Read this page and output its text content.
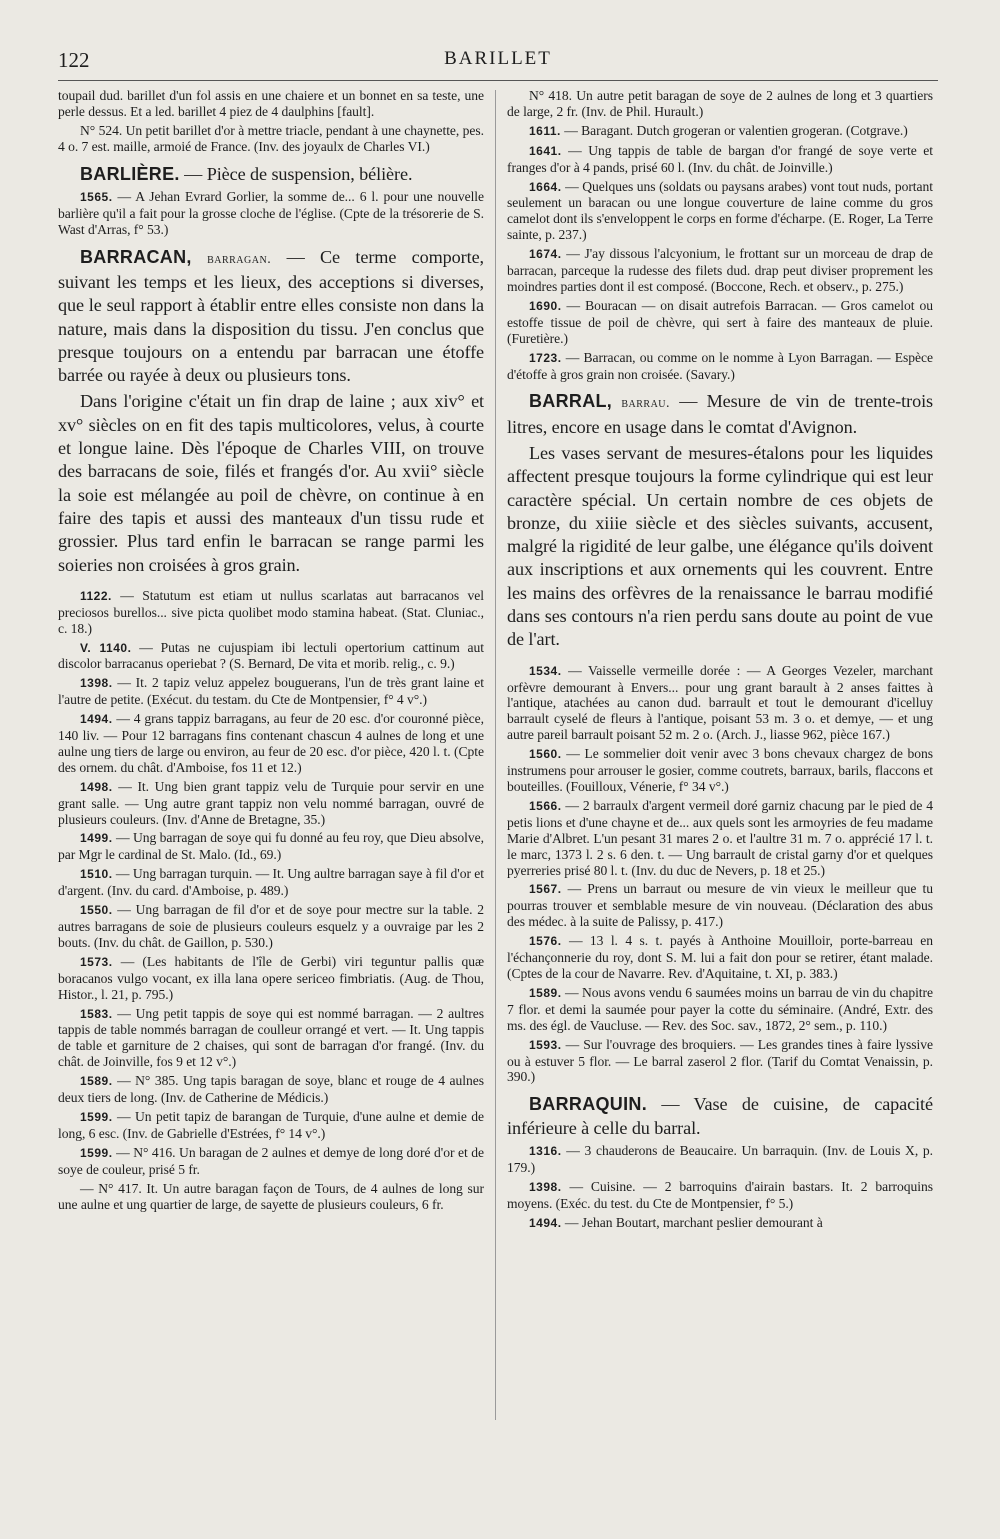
122	BARILLET

toupail dud. barillet d'un fol assis en une chaiere et un bonnet en sa teste, une perle dessus. Et a led. barillet 4 piez de 4 daulphins [fault].

N° 524. Un petit barillet d'or à mettre triacle, pendant à une chaynette, pes. 4 o. 7 est. maille, armoié de France. (Inv. des joyaulx de Charles VI.)

BARLIÈRE. — Pièce de suspension, bélière.

1565. — A Jehan Evrard Gorlier, la somme de... 6 l. pour une nouvelle barlière qu'il a fait pour la grosse cloche de l'église. (Cpte de la trésorerie de S. Wast d'Arras, f° 53.)

BARRACAN, barragan. — Ce terme comporte, suivant les temps et les lieux, des acceptions si diverses, que le seul rapport à établir entre elles consiste non dans la nature, mais dans la disposition du tissu. J'en conclus que presque toujours on a entendu par barracan une étoffe barrée ou rayée à deux ou plusieurs tons.

Dans l'origine c'était un fin drap de laine ; aux xiv° et xv° siècles on en fit des tapis multicolores, velus, à courte et longue laine. Dès l'époque de Charles VIII, on trouve des barracans de soie, filés et frangés d'or. Au xvii° siècle la soie est mélangée au poil de chèvre, on continue à en faire des tapis et aussi des manteaux d'un tissu rude et grossier. Plus tard enfin le barracan se range parmi les soieries non croisées à gros grain.

1122. — Statutum est etiam ut nullus scarlatas aut barracanos vel preciosos burellos... sive picta quolibet modo stamina habeat. (Stat. Cluniac., c. 18.)

V. 1140. — Putas ne cujuspiam ibi lectuli opertorium cattinum aut discolor barracanus operiebat ? (S. Bernard, De vita et morib. relig., c. 9.)

1398. — It. 2 tapiz veluz appelez bouguerans, l'un de très grant laine et l'autre de petite. (Exécut. du testam. du Cte de Montpensier, f° 4 v°.)

1494. — 4 grans tappiz barragans, au feur de 20 esc. d'or couronné pièce, 140 liv. — Pour 12 barragans fins contenant chascun 4 aulnes de long et une aulne ung tiers de large ou environ, au feur de 20 esc. d'or pièce, 420 l. t. (Cpte des ornem. du chât. d'Amboise, fos 11 et 12.)

1498. — It. Ung bien grant tappiz velu de Turquie pour servir en une grant salle. — Ung autre grant tappiz non velu nommé barragan, ouvré de plusieurs couleurs. (Inv. d'Anne de Bretagne, 35.)

1499. — Ung barragan de soye qui fu donné au feu roy, que Dieu absolve, par Mgr le cardinal de St. Malo. (Id., 69.)

1510. — Ung barragan turquin. — It. Ung aultre barragan saye à fil d'or et d'argent. (Inv. du card. d'Amboise, p. 489.)

1550. — Ung barragan de fil d'or et de soye pour mectre sur la table. 2 autres barragans de soie de plusieurs couleurs esquelz y a ouvraige par les 2 bouts. (Inv. du chât. de Gaillon, p. 530.)

1573. — (Les habitants de l'île de Gerbi) viri teguntur pallis quæ boracanos vulgo vocant, ex illa lana opere sericeo fimbriatis. (Aug. de Thou, Histor., l. 21, p. 795.)

1583. — Ung petit tappis de soye qui est nommé barragan. — 2 aultres tappis de table nommés barragan de coulleur orrangé et vert. — It. Ung tappis de table et garniture de 2 chaises, qui sont de barragan d'or frangé. (Inv. du chât. de Joinville, fos 9 et 12 v°.)

1589. — N° 385. Ung tapis baragan de soye, blanc et rouge de 4 aulnes deux tiers de long. (Inv. de Catherine de Médicis.)

1599. — Un petit tapiz de barangan de Turquie, d'une aulne et demie de long, 6 esc. (Inv. de Gabrielle d'Estrées, f° 14 v°.)

1599. — N° 416. Un baragan de 2 aulnes et demye de long doré d'or et de soye de couleur, prisé 5 fr.

— N° 417. It. Un autre baragan façon de Tours, de 4 aulnes de long sur une aulne et ung quartier de large, de sayette de plusieurs couleurs, 6 fr.

N° 418. Un autre petit baragan de soye de 2 aulnes de long et 3 quartiers de large, 2 fr. (Inv. de Phil. Hurault.)

1611. — Baragant. Dutch grogeran or valentien grogeran. (Cotgrave.)

1641. — Ung tappis de table de bargan d'or frangé de soye verte et franges d'or à 4 pands, prisé 60 l. (Inv. du chât. de Joinville.)

1664. — Quelques uns (soldats ou paysans arabes) vont tout nuds, portant seulement un baracan ou une longue couverture de laine comme du gros camelot dont ils s'enveloppent le corps en forme d'écharpe. (E. Roger, La Terre sainte, p. 237.)

1674. — J'ay dissous l'alcyonium, le frottant sur un morceau de drap de barracan, parceque la rudesse des filets dud. drap peut diviser proprement les moindres parties dont il est composé. (Boccone, Rech. et observ., p. 275.)

1690. — Bouracan — on disait autrefois Barracan. — Gros camelot ou estoffe tissue de poil de chèvre, qui sert à faire des manteaux de pluie. (Furetière.)

1723. — Barracan, ou comme on le nomme à Lyon Barragan. — Espèce d'étoffe à gros grain non croisée. (Savary.)

BARRAL, barrau. — Mesure de vin de trente-trois litres, encore en usage dans le comtat d'Avignon.

Les vases servant de mesures-étalons pour les liquides affectent presque toujours la forme cylindrique qui est leur caractère spécial. Un certain nombre de ces objets de bronze, du xiiie siècle et des siècles suivants, accusent, malgré la rigidité de leur galbe, une élégance qu'ils doivent aux inscriptions et aux ornements qui les couvrent. Entre les mains des orfèvres de la renaissance le barrau modifié dans ses contours n'a rien perdu sans doute au point de vue de l'art.

1534. — Vaisselle vermeille dorée : — A Georges Vezeler, marchant orfèvre demourant à Envers... pour ung grant barault à 2 anses faittes à l'antique, atachées au canon dud. barrault et tout le demourant d'icelluy barrault cyselé de fleurs à l'antique, poisant 53 m. 3 o. et demye, — et ung autre pareil barrault poisant 52 m. 2 o. (Arch. J., liasse 962, pièce 167.)

1560. — Le sommelier doit venir avec 3 bons chevaux chargez de bons instrumens pour arrouser le gosier, comme coutrets, barraux, barils, flaccons et bouteilles. (Fouilloux, Vénerie, f° 34 v°.)

1566. — 2 barraulx d'argent vermeil doré garniz chacung par le pied de 4 petis lions et d'une chayne et de... aux quels sont les armoyries de feu madame Marie d'Albret. L'un pesant 31 mares 2 o. et l'aultre 31 m. 7 o. apprécié 17 l. t. le marc, 1373 l. 2 s. 6 den. t. — Ung barrault de cristal garny d'or et quelques pyerreries prisé 80 l. t. (Inv. du duc de Nevers, p. 18 et 25.)

1567. — Prens un barraut ou mesure de vin vieux le meilleur que tu pourras trouver et semblable mesure de vin nouveau. (Déclaration des abus des médec. à la suite de Palissy, p. 417.)

1576. — 13 l. 4 s. t. payés à Anthoine Mouilloir, porte-barreau en l'échançonnerie du roy, dont S. M. lui a fait don pour se retirer, étant malade. (Cptes de la cour de Navarre. Rev. d'Aquitaine, t. XI, p. 383.)

1589. — Nous avons vendu 6 saumées moins un barrau de vin du chapitre 7 flor. et demi la saumée pour payer la cotte du séminaire. (André, Extr. des ms. des égl. de Vaucluse. — Rev. des Soc. sav., 1872, 2° sem., p. 110.)

1593. — Sur l'ouvrage des broquiers. — Les grandes tines à faire lyssive ou à estuver 5 flor. — Le barral zaserol 2 flor. (Tarif du Comtat Venaissin, p. 390.)

BARRAQUIN. — Vase de cuisine, de capacité inférieure à celle du barral.

1316. — 3 chauderons de Beaucaire. Un barraquin. (Inv. de Louis X, p. 179.)

1398. — Cuisine. — 2 barroquins d'airain bastars. It. 2 barroquins moyens. (Exéc. du test. du Cte de Montpensier, f° 5.)

1494. — Jehan Boutart, marchant peslier demourant à
